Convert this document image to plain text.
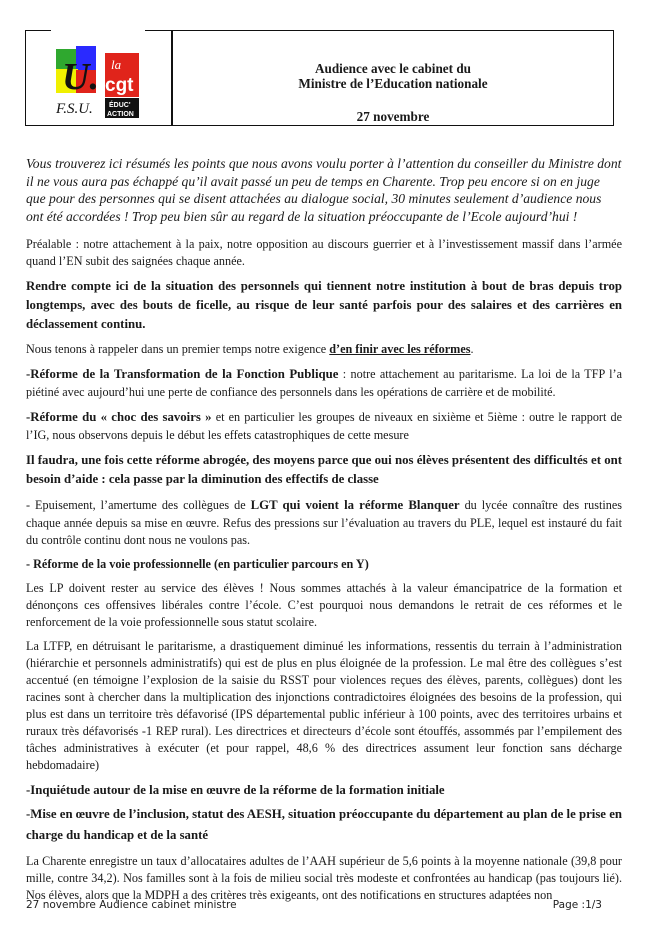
U.
F.S.U.
la
cgt
ÉDUC'
ACTION
Audience avec le cabinet du
Ministre de l’Education nationale
27 novembre

Vous trouverez ici résumés les points que nous avons voulu porter à l’attention du conseiller du Ministre dont il ne vous aura pas échappé qu’il avait passé un peu de temps en Charente. Trop peu encore si on en juge que pour des personnes qui se disent attachées au dialogue social, 30 minutes seulement d’audience nous ont été accordées ! Trop peu bien sûr au regard de la situation préoccupante de l’Ecole aujourd’hui !

Préalable : notre attachement à la paix, notre opposition au discours guerrier et à l’investissement massif dans l’armée quand l’EN subit des saignées chaque année.

Rendre compte ici de la situation des personnels qui tiennent notre institution à bout de bras depuis trop longtemps, avec des bouts de ficelle, au risque de leur santé parfois pour des salaires et des carrières en déclassement continu.

Nous tenons à rappeler dans un premier temps notre exigence d’en finir avec les réformes.

-Réforme de la Transformation de la Fonction Publique : notre attachement au paritarisme. La loi de la TFP l’a piétiné avec aujourd’hui une perte de confiance des personnels dans les opérations de carrière et de mobilité.

-Réforme du « choc des savoirs » et en particulier les groupes de niveaux en sixième et 5ième : outre le rapport de l’IG, nous observons depuis le début les effets catastrophiques de cette mesure

Il faudra, une fois cette réforme abrogée, des moyens parce que oui nos élèves présentent des difficultés et ont besoin d’aide : cela passe par la diminution des effectifs de classe

- Epuisement, l’amertume des collègues de LGT qui voient la réforme Blanquer du lycée connaître des rustines chaque année depuis sa mise en œuvre. Refus des pressions sur l’évaluation au travers du PLE, lequel est instauré du fait du contrôle continu dont nous ne voulons pas.

- Réforme de la voie professionnelle (en particulier parcours en Y)

Les LP doivent rester au service des élèves ! Nous sommes attachés à la valeur émancipatrice de la formation et dénonçons ces offensives libérales contre l’école. C’est pourquoi nous demandons le retrait de ces réformes et le renforcement de la voie professionnelle sous statut scolaire.

La LTFP, en détruisant le paritarisme, a drastiquement diminué les informations, ressentis du terrain à l’administration (hiérarchie et personnels administratifs) qui est de plus en plus éloignée de la profession. Le mal être des collègues s’est accentué (en témoigne l’explosion de la saisie du RSST pour violences reçues des élèves, parents, collègues) dont les racines sont à chercher dans la multiplication des injonctions contradictoires éloignées des besoins de la profession, qui plus est dans un territoire très défavorisé (IPS départemental public inférieur à 100 points, avec des territoires urbains et ruraux très défavorisés -1 REP rural). Les directrices et directeurs d’école sont étouffés, assommés par l’empilement des tâches administratives à exécuter (et pour rappel, 48,6 % des directrices assument leur fonction sans décharge hebdomadaire)

-Inquiétude autour de la mise en œuvre de la réforme de la formation initiale

-Mise en œuvre de l’inclusion, statut des AESH, situation préoccupante du département au plan de le prise en charge du handicap et de la santé

La Charente enregistre un taux d’allocataires adultes de l’AAH supérieur de 5,6 points à la moyenne nationale (39,8 pour mille, contre 34,2). Nos familles sont à la fois de milieu social très modeste et confrontées au handicap (pas toujours lié). Nos élèves, alors que la MDPH a des critères très exigeants, ont des notifications en structures adaptées non

27 novembre Audience cabinet ministre	Page :1/3
